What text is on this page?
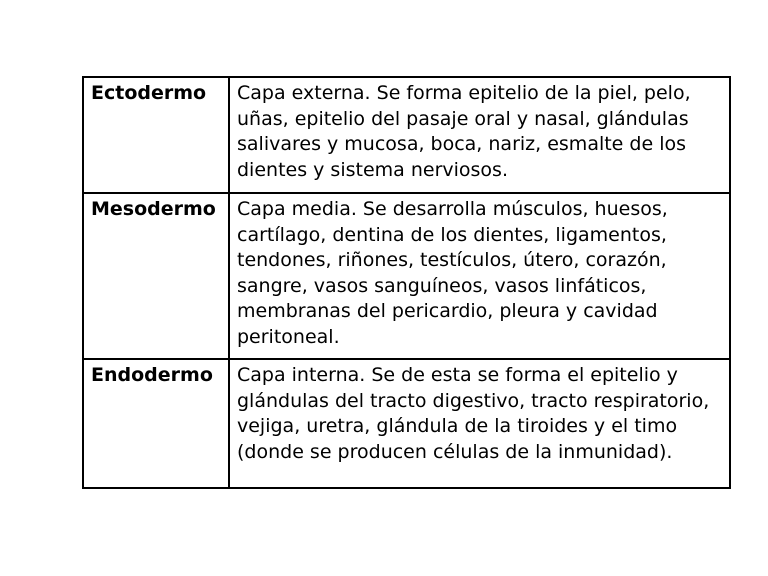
Ectodermo	Capa externa. Se forma epitelio de la piel, pelo, uñas, epitelio del pasaje oral y nasal, glándulas salivares y mucosa, boca, nariz, esmalte de los dientes y sistema nerviosos.
Mesodermo	Capa media. Se desarrolla músculos, huesos, cartílago, dentina de los dientes, ligamentos, tendones, riñones, testículos, útero, corazón, sangre, vasos sanguíneos, vasos linfáticos, membranas del pericardio, pleura y cavidad peritoneal.
Endodermo	Capa interna. Se de esta se forma el epitelio y glándulas del tracto digestivo, tracto respiratorio, vejiga, uretra, glándula de la tiroides y el timo (donde se producen células de la inmunidad).
